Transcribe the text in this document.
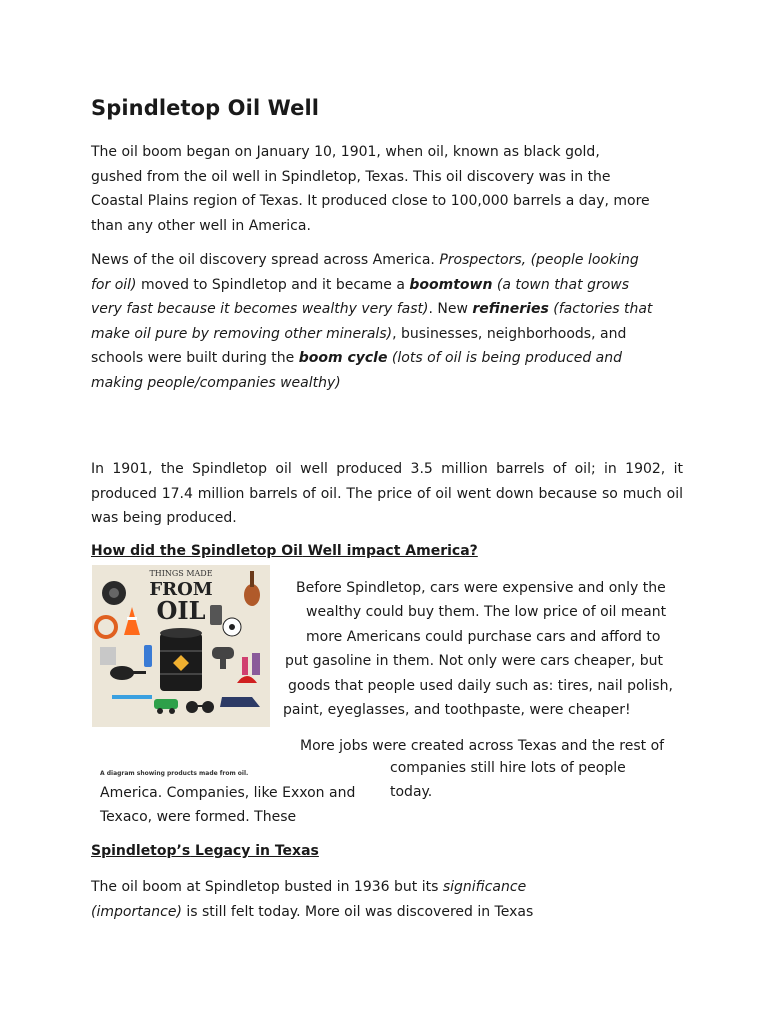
Spindletop Oil Well
The oil boom began on January 10, 1901, when oil, known as black gold,
gushed from the oil well in Spindletop, Texas. This oil discovery was in the
Coastal Plains region of Texas. It produced close to 100,000 barrels a day, more
than any other well in America.
News of the oil discovery spread across America. Prospectors, (people looking
for oil) moved to Spindletop and it became a boomtown (a town that grows
very fast because it becomes wealthy very fast). New refineries (factories that
make oil pure by removing other minerals), businesses, neighborhoods, and
schools were built during the boom cycle (lots of oil is being produced and
making people/companies wealthy)
In 1901, the Spindletop oil well produced 3.5 million barrels of oil; in 1902, it produced 17.4 million barrels of oil. The price of oil went down because so much oil was being produced.
How did the Spindletop Oil Well impact America?
THINGS MADE
FROM
OIL
Before Spindletop, cars were expensive and only the
wealthy could buy them. The low price of oil meant
more Americans could purchase cars and afford to
put gasoline in them. Not only were cars cheaper, but
goods that people used daily such as: tires, nail polish,
paint, eyeglasses, and toothpaste, were cheaper!
More jobs were created across Texas and the rest of
A diagram showing products made from oil.
America. Companies, like Exxon and
Texaco, were formed. These
companies still hire lots of people
today.
Spindletop’s Legacy in Texas
The oil boom at Spindletop busted in 1936 but its significance
(importance) is still felt today. More oil was discovered in Texas
